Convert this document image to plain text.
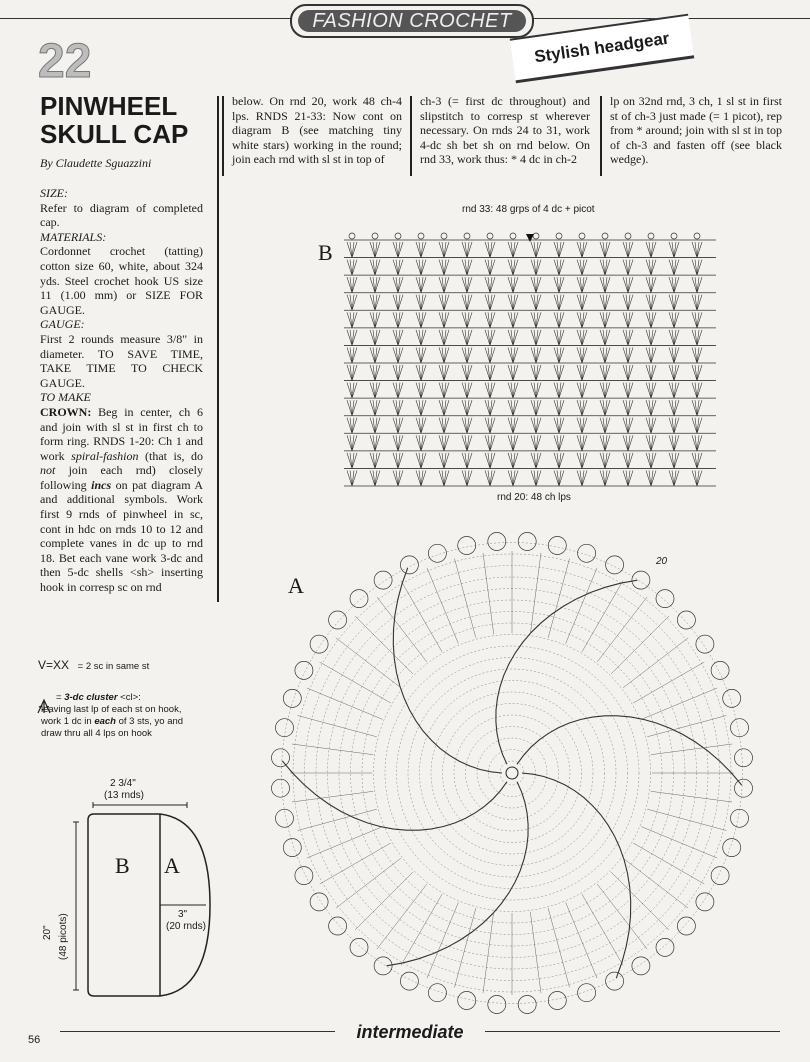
FASHION CROCHET
Stylish headgear
22
PINWHEEL
SKULL CAP
By Claudette Sguazzini

SIZE:

Refer to diagram of completed cap.

MATERIALS:

Cordonnet crochet (tatting) cotton size 60, white, about 324 yds. Steel crochet hook US size 11 (1.00 mm) or SIZE FOR GAUGE.

GAUGE:

First 2 rounds measure 3/8" in diameter. TO SAVE TIME, TAKE TIME TO CHECK GAUGE.

TO MAKE

CROWN: Beg in center, ch 6 and join with sl st in first ch to form ring. RNDS 1-20: Ch 1 and work spiral-fashion (that is, do not join each rnd) closely following incs on pat diagram A and additional symbols. Work first 9 rnds of pinwheel in sc, cont in hdc on rnds 10 to 12 and complete vanes in dc up to rnd 18. Bet each vane work 3-dc and then 5-dc shells <sh> inserting hook in corresp sc on rnd

below. On rnd 20, work 48 ch-4 lps. RNDS 21-33: Now cont on diagram B (see matching tiny white stars) working in the round; join each rnd with sl st in top of
ch-3 (= first dc throughout) and slipstitch to corresp st wherever necessary. On rnds 24 to 31, work 4-dc sh bet sh on rnd below. On rnd 33, work thus: * 4 dc in ch-2
lp on 32nd rnd, 3 ch, 1 sl st in first st of ch-3 just made (= 1 picot), rep from * around; join with sl st in top of ch-3 and fasten off (see black wedge).
rnd 33: 48 grps of 4 dc + picot
B
rnd 20: 48 ch lps
A
20
V=XX = 2 sc in same st
= 3-dc cluster <cl>:
leaving last lp of each st on hook,
work 1 dc in each of 3 sts, yo and
draw thru all 4 lps on hook
2 3/4"
(13 rnds)
B A
3"
(20 rnds)
20" (48 picots)
intermediate
56
